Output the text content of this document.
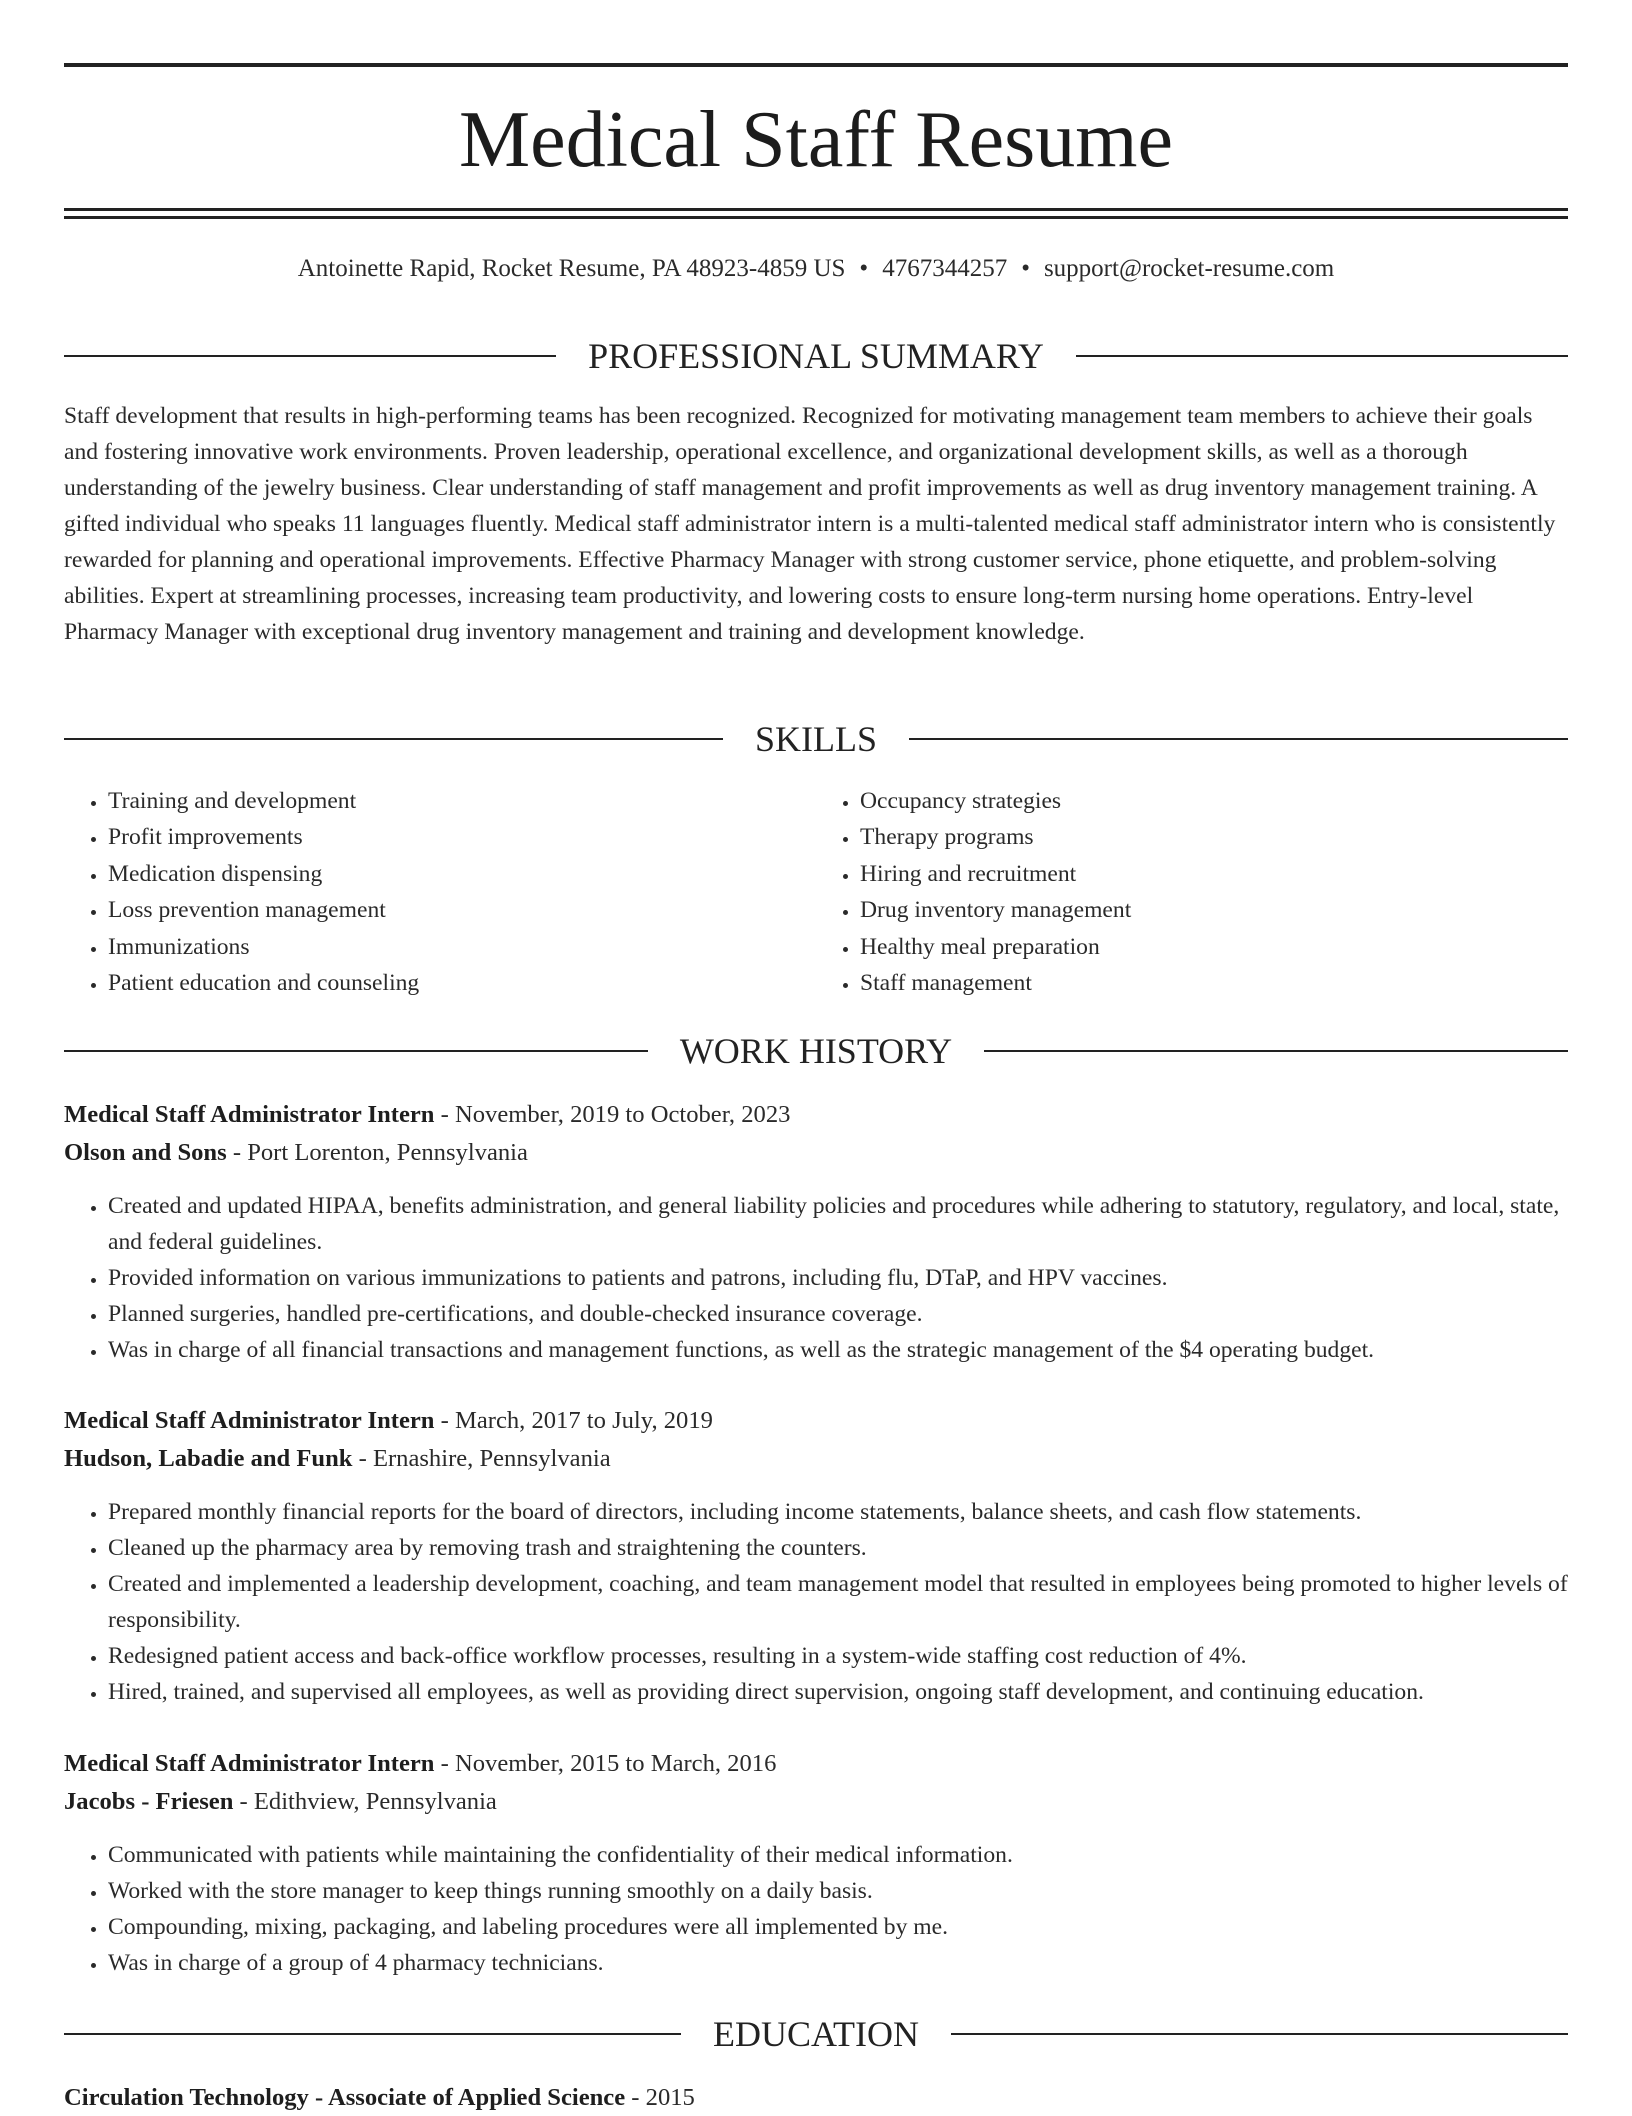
Medical Staff Resume
Antoinette Rapid, Rocket Resume, PA 48923-4859 US • 4767344257 • support@rocket-resume.com
PROFESSIONAL SUMMARY
Staff development that results in high-performing teams has been recognized. Recognized for motivating management team members to achieve their goals and fostering innovative work environments. Proven leadership, operational excellence, and organizational development skills, as well as a thorough understanding of the jewelry business. Clear understanding of staff management and profit improvements as well as drug inventory management training. A gifted individual who speaks 11 languages fluently. Medical staff administrator intern is a multi-talented medical staff administrator intern who is consistently rewarded for planning and operational improvements. Effective Pharmacy Manager with strong customer service, phone etiquette, and problem-solving abilities. Expert at streamlining processes, increasing team productivity, and lowering costs to ensure long-term nursing home operations. Entry-level Pharmacy Manager with exceptional drug inventory management and training and development knowledge.
SKILLS
• Training and development
• Profit improvements
• Medication dispensing
• Loss prevention management
• Immunizations
• Patient education and counseling
• Occupancy strategies
• Therapy programs
• Hiring and recruitment
• Drug inventory management
• Healthy meal preparation
• Staff management
WORK HISTORY
Medical Staff Administrator Intern - November, 2019 to October, 2023
Olson and Sons - Port Lorenton, Pennsylvania
• Created and updated HIPAA, benefits administration, and general liability policies and procedures while adhering to statutory, regulatory, and local, state, and federal guidelines.
• Provided information on various immunizations to patients and patrons, including flu, DTaP, and HPV vaccines.
• Planned surgeries, handled pre-certifications, and double-checked insurance coverage.
• Was in charge of all financial transactions and management functions, as well as the strategic management of the $4 operating budget.
Medical Staff Administrator Intern - March, 2017 to July, 2019
Hudson, Labadie and Funk - Ernashire, Pennsylvania
• Prepared monthly financial reports for the board of directors, including income statements, balance sheets, and cash flow statements.
• Cleaned up the pharmacy area by removing trash and straightening the counters.
• Created and implemented a leadership development, coaching, and team management model that resulted in employees being promoted to higher levels of responsibility.
• Redesigned patient access and back-office workflow processes, resulting in a system-wide staffing cost reduction of 4%.
• Hired, trained, and supervised all employees, as well as providing direct supervision, ongoing staff development, and continuing education.
Medical Staff Administrator Intern - November, 2015 to March, 2016
Jacobs - Friesen - Edithview, Pennsylvania
• Communicated with patients while maintaining the confidentiality of their medical information.
• Worked with the store manager to keep things running smoothly on a daily basis.
• Compounding, mixing, packaging, and labeling procedures were all implemented by me.
• Was in charge of a group of 4 pharmacy technicians.
EDUCATION
Circulation Technology - Associate of Applied Science - 2015
